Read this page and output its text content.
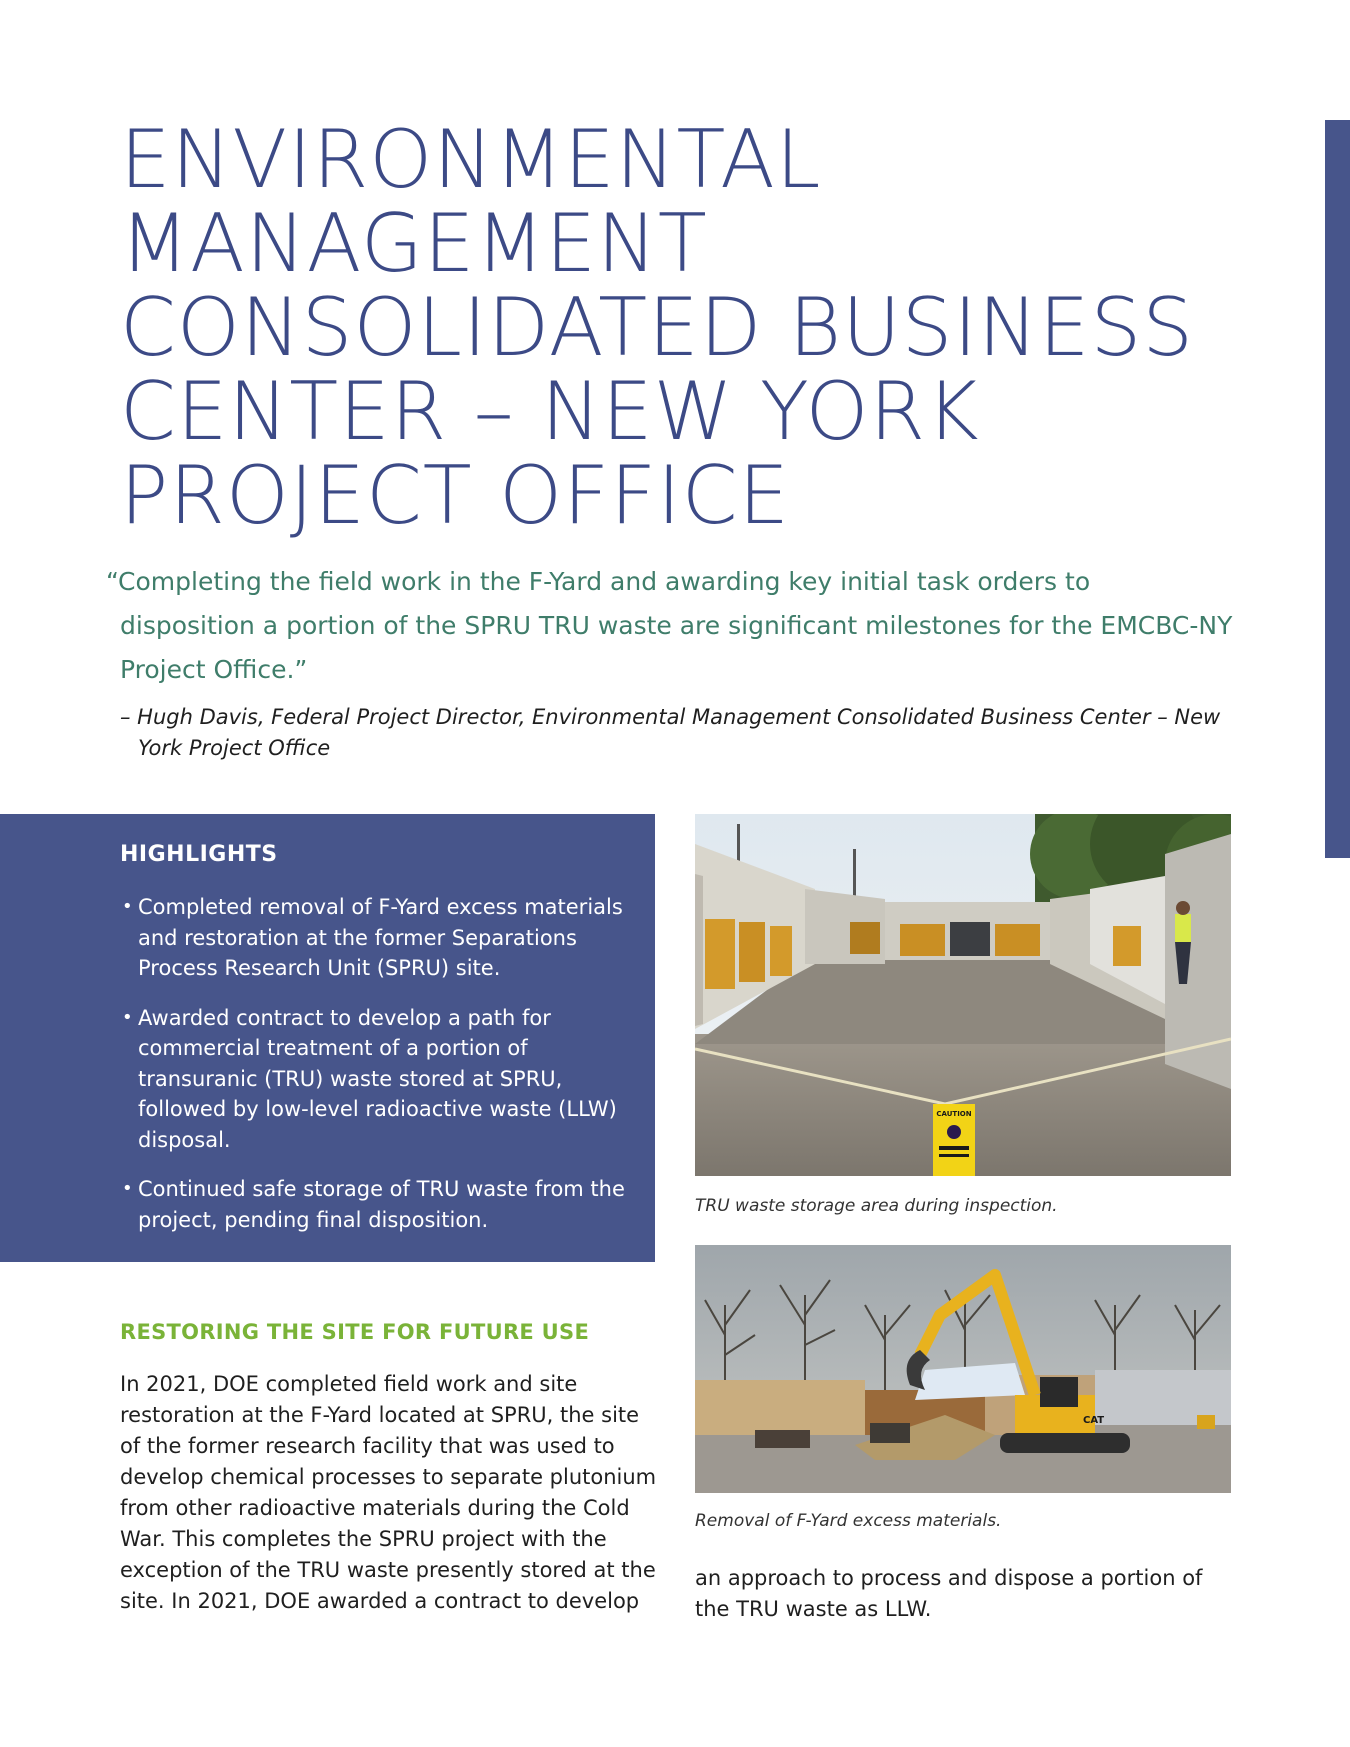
ENVIRONMENTAL
MANAGEMENT
CONSOLIDATED BUSINESS
CENTER – NEW YORK
PROJECT OFFICE

“Completing the field work in the F-Yard and awarding key initial task orders to
disposition a portion of the SPRU TRU waste are significant milestones for the EMCBC-NY
Project Office.”

– Hugh Davis, Federal Project Director, Environmental Management Consolidated Business Center – New
York Project Office

HIGHLIGHTS
• Completed removal of F-Yard excess materials
and restoration at the former Separations
Process Research Unit (SPRU) site.
• Awarded contract to develop a path for
commercial treatment of a portion of
transuranic (TRU) waste stored at SPRU,
followed by low-level radioactive waste (LLW)
disposal.
• Continued safe storage of TRU waste from the
project, pending final disposition.
RESTORING THE SITE FOR FUTURE USE

In 2021, DOE completed field work and site
restoration at the F-Yard located at SPRU, the site
of the former research facility that was used to
develop chemical processes to separate plutonium
from other radioactive materials during the Cold
War. This completes the SPRU project with the
exception of the TRU waste presently stored at the
site. In 2021, DOE awarded a contract to develop

an approach to process and dispose a portion of
the TRU waste as LLW.

CAUTION

TRU waste storage area during inspection.

CAT

Removal of F-Yard excess materials.
